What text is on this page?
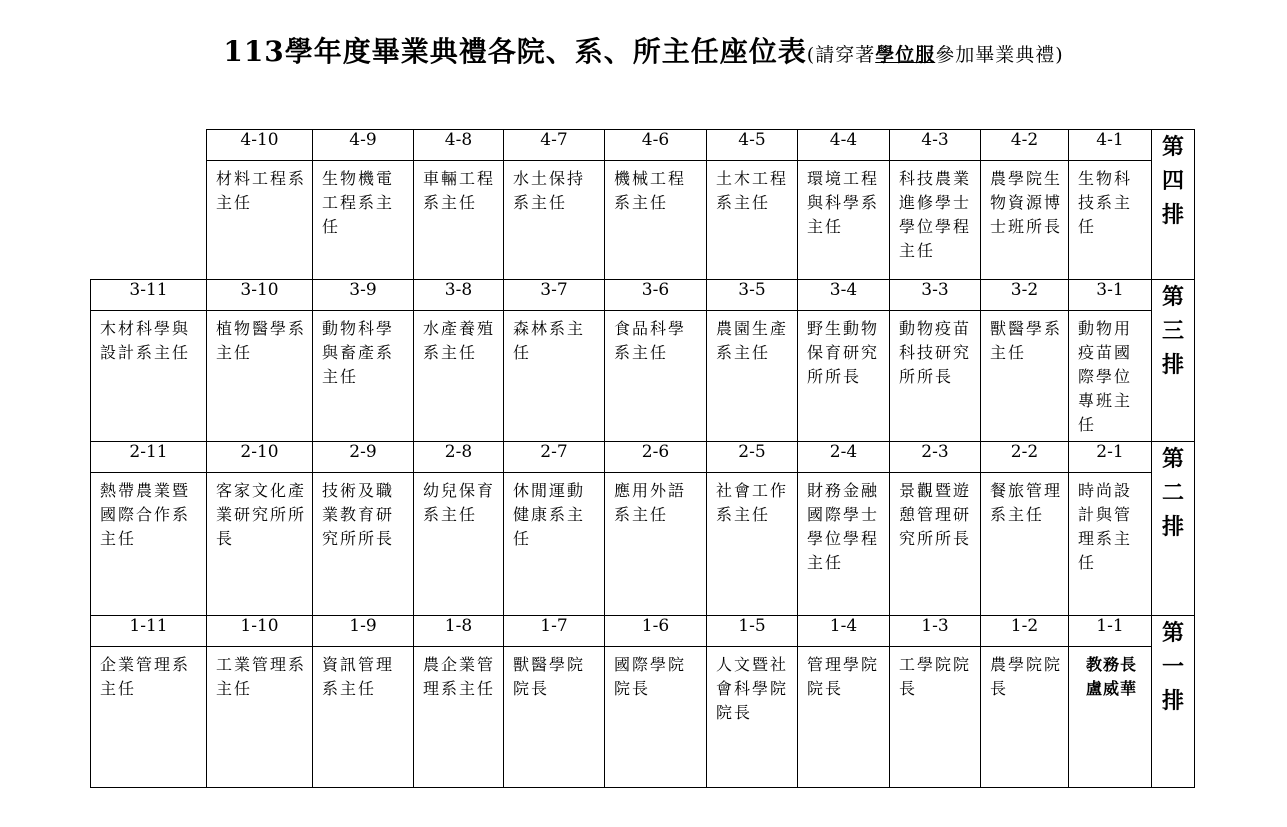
113學年度畢業典禮各院、系、所主任座位表(請穿著學位服參加畢業典禮)
	4-10	4-9	4-8	4-7	4-6	4-5	4-4	4-3	4-2	4-1	第四排

	材料工程系主任	生物機電工程系主任	車輛工程系主任	水土保持系主任	機械工程系主任	土木工程系主任	環境工程與科學系主任	科技農業進修學士學位學程主任	農學院生物資源博士班所長	生物科技系主任	
3-11	3-10	3-9	3-8	3-7	3-6	3-5	3-4	3-3	3-2	3-1	第三排

木材科學與設計系主任	植物醫學系主任	動物科學與畜產系主任	水產養殖系主任	森林系主任	食品科學系主任	農園生產系主任	野生動物保育研究所所長	動物疫苗科技研究所所長	獸醫學系主任	動物用疫苗國際學位專班主任	
2-11	2-10	2-9	2-8	2-7	2-6	2-5	2-4	2-3	2-2	2-1	第二排

熱帶農業暨國際合作系主任	客家文化產業研究所所長	技術及職業教育研究所所長	幼兒保育系主任	休閒運動健康系主任	應用外語系主任	社會工作系主任	財務金融國際學士學位學程主任	景觀暨遊憩管理研究所所長	餐旅管理系主任	時尚設計與管理系主任	
1-11	1-10	1-9	1-8	1-7	1-6	1-5	1-4	1-3	1-2	1-1	第一排

企業管理系主任	工業管理系主任	資訊管理系主任	農企業管理系主任	獸醫學院院長	國際學院院長	人文暨社會科學院院長	管理學院院長	工學院院長	農學院院長	教務長
盧威華	
